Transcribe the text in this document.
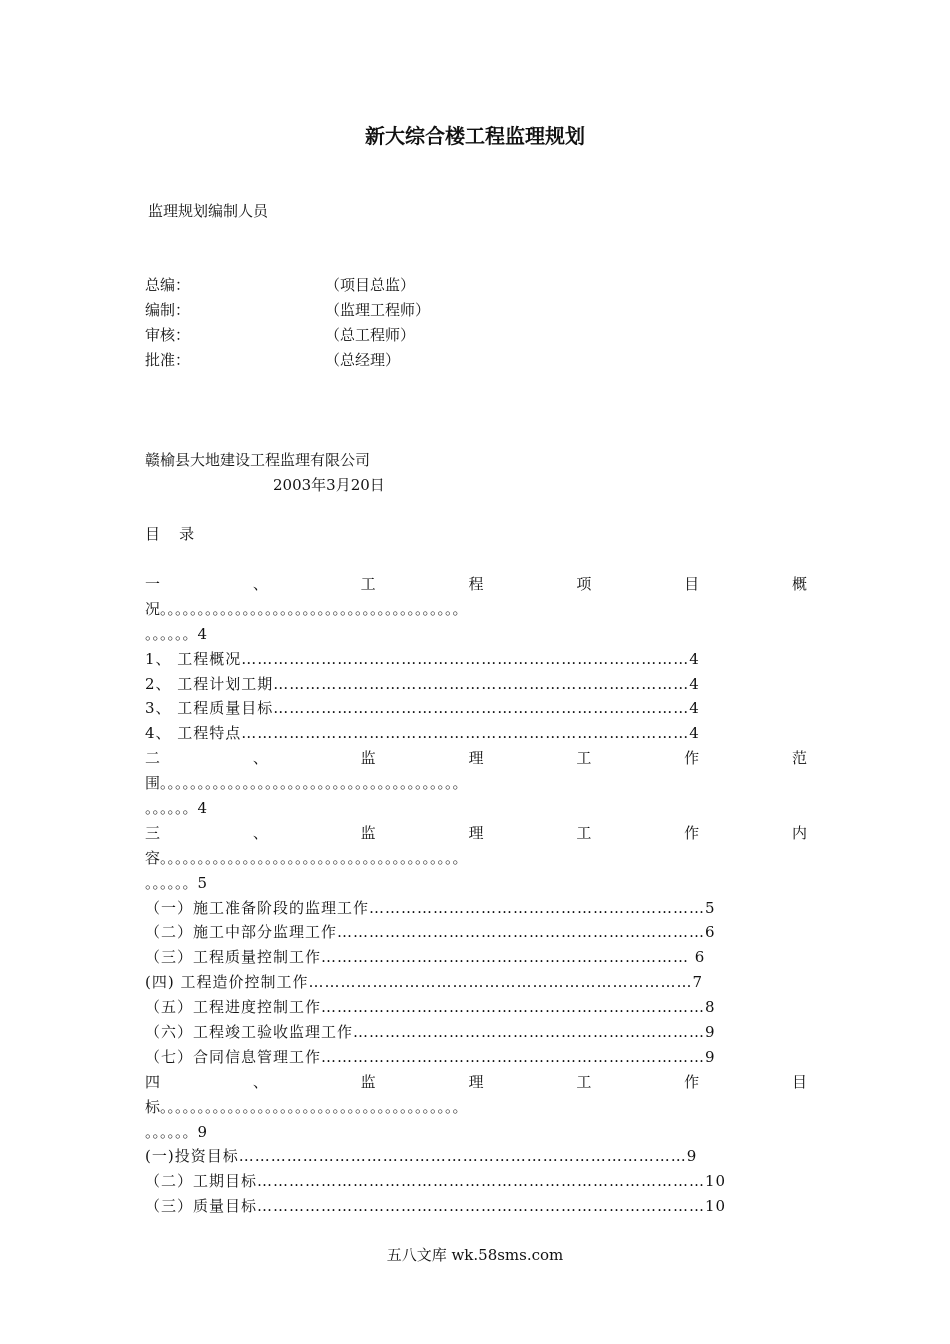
新大综合楼工程监理规划
监理规划编制人员
总编：	（项目总监）
编制：	（监理工程师）
审核：	（总工程师）
批准：	（总经理）
赣榆县大地建设工程监理有限公司
2003年3月20日
目    录
一	、	工	程	项	目	概
况。。。。。。。。。。。。。。。。。。。。。。。。。。。。。。。。。。。。。。。。
。。。。。。4
1、 工程概况…………………………………………………………………………4
2、 工程计划工期……………………………………………………………………4
3、 工程质量目标……………………………………………………………………4
4、 工程特点…………………………………………………………………………4
二	、	监	理	工	作	范
围。。。。。。。。。。。。。。。。。。。。。。。。。。。。。。。。。。。。。。。。
。。。。。。4
三	、	监	理	工	作	内
容。。。。。。。。。。。。。。。。。。。。。。。。。。。。。。。。。。。。。。。。
。。。。。。5
（一）施工准备阶段的监理工作………………………………………………………5
（二）施工中部分监理工作……………………………………………………………6
（三）工程质量控制工作…………………………………………………………… 6
(四) 工程造价控制工作………………………………………………………………7
（五）工程进度控制工作………………………………………………………………8
（六）工程竣工验收监理工作…………………………………………………………9
（七）合同信息管理工作………………………………………………………………9
四	、	监	理	工	作	目
标。。。。。。。。。。。。。。。。。。。。。。。。。。。。。。。。。。。。。。。。
。。。。。。9
(一)投资目标…………………………………………………………………………9
（二）工期目标…………………………………………………………………………10
（三）质量目标…………………………………………………………………………10
五八文库 wk.58sms.com
